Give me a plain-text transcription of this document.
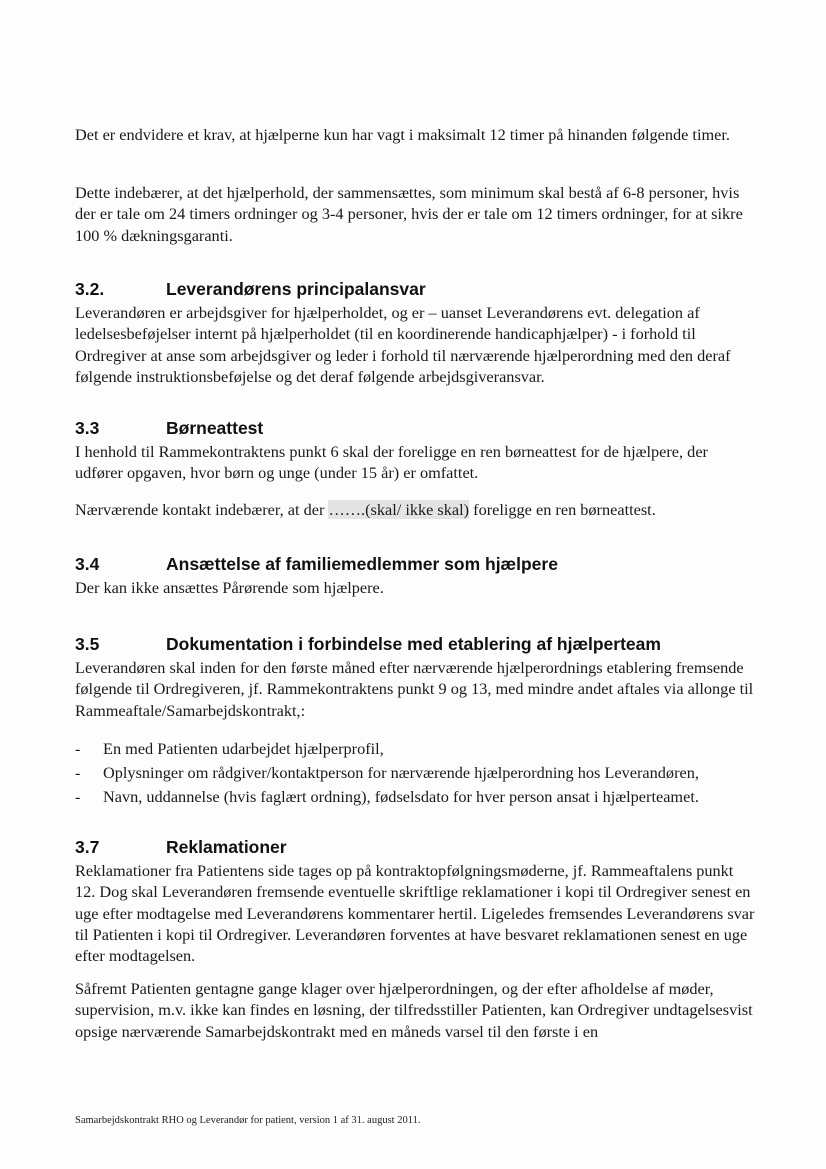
Det er endvidere et krav, at hjælperne kun har vagt i maksimalt 12 timer på hinanden følgende timer.

Dette indebærer, at det hjælperhold, der sammensættes, som minimum skal bestå af 6-8 personer, hvis der er tale om 24 timers ordninger og 3-4 personer, hvis der er tale om 12 timers ordninger, for at sikre 100 % dækningsgaranti.

3.2.	Leverandørens principalansvar

Leverandøren er arbejdsgiver for hjælperholdet, og er – uanset Leverandørens evt. delegation af ledelsesbeføjelser internt på hjælperholdet (til en koordinerende handicaphjælper) - i forhold til Ordregiver at anse som arbejdsgiver og leder i forhold til nærværende hjælperordning med den deraf følgende instruktionsbeføjelse og det deraf følgende arbejdsgiveransvar.

3.3	Børneattest

I henhold til Rammekontraktens punkt 6 skal der foreligge en ren børneattest for de hjælpere, der udfører opgaven, hvor børn og unge (under 15 år) er omfattet.

Nærværende kontakt indebærer, at der …….(skal/ ikke skal) foreligge en ren børneattest.

3.4	Ansættelse af familiemedlemmer som hjælpere

Der kan ikke ansættes Pårørende som hjælpere.

3.5	Dokumentation i forbindelse med etablering af hjælperteam

Leverandøren skal inden for den første måned efter nærværende hjælperordnings etablering fremsende følgende til Ordregiveren, jf. Rammekontraktens punkt 9 og 13, med mindre andet aftales via allonge til Rammeaftale/Samarbejdskontrakt,:

- En med Patienten udarbejdet hjælperprofil,
- Oplysninger om rådgiver/kontaktperson for nærværende hjælperordning hos Leverandøren,
- Navn, uddannelse (hvis faglært ordning), fødselsdato for hver person ansat i hjælperteamet.
3.7	Reklamationer

Reklamationer fra Patientens side tages op på kontraktopfølgningsmøderne, jf. Rammeaftalens punkt 12. Dog skal Leverandøren fremsende eventuelle skriftlige reklamationer i kopi til Ordregiver senest en uge efter modtagelse med Leverandørens kommentarer hertil. Ligeledes fremsendes Leverandørens svar til Patienten i kopi til Ordregiver. Leverandøren forventes at have besvaret reklamationen senest en uge efter modtagelsen.

Såfremt Patienten gentagne gange klager over hjælperordningen, og der efter afholdelse af møder, supervision, m.v. ikke kan findes en løsning, der tilfredsstiller Patienten, kan Ordregiver undtagelsesvist opsige nærværende Samarbejdskontrakt med en måneds varsel til den første i en

Samarbejdskontrakt RHO og Leverandør for patient, version 1 af 31. august 2011.
